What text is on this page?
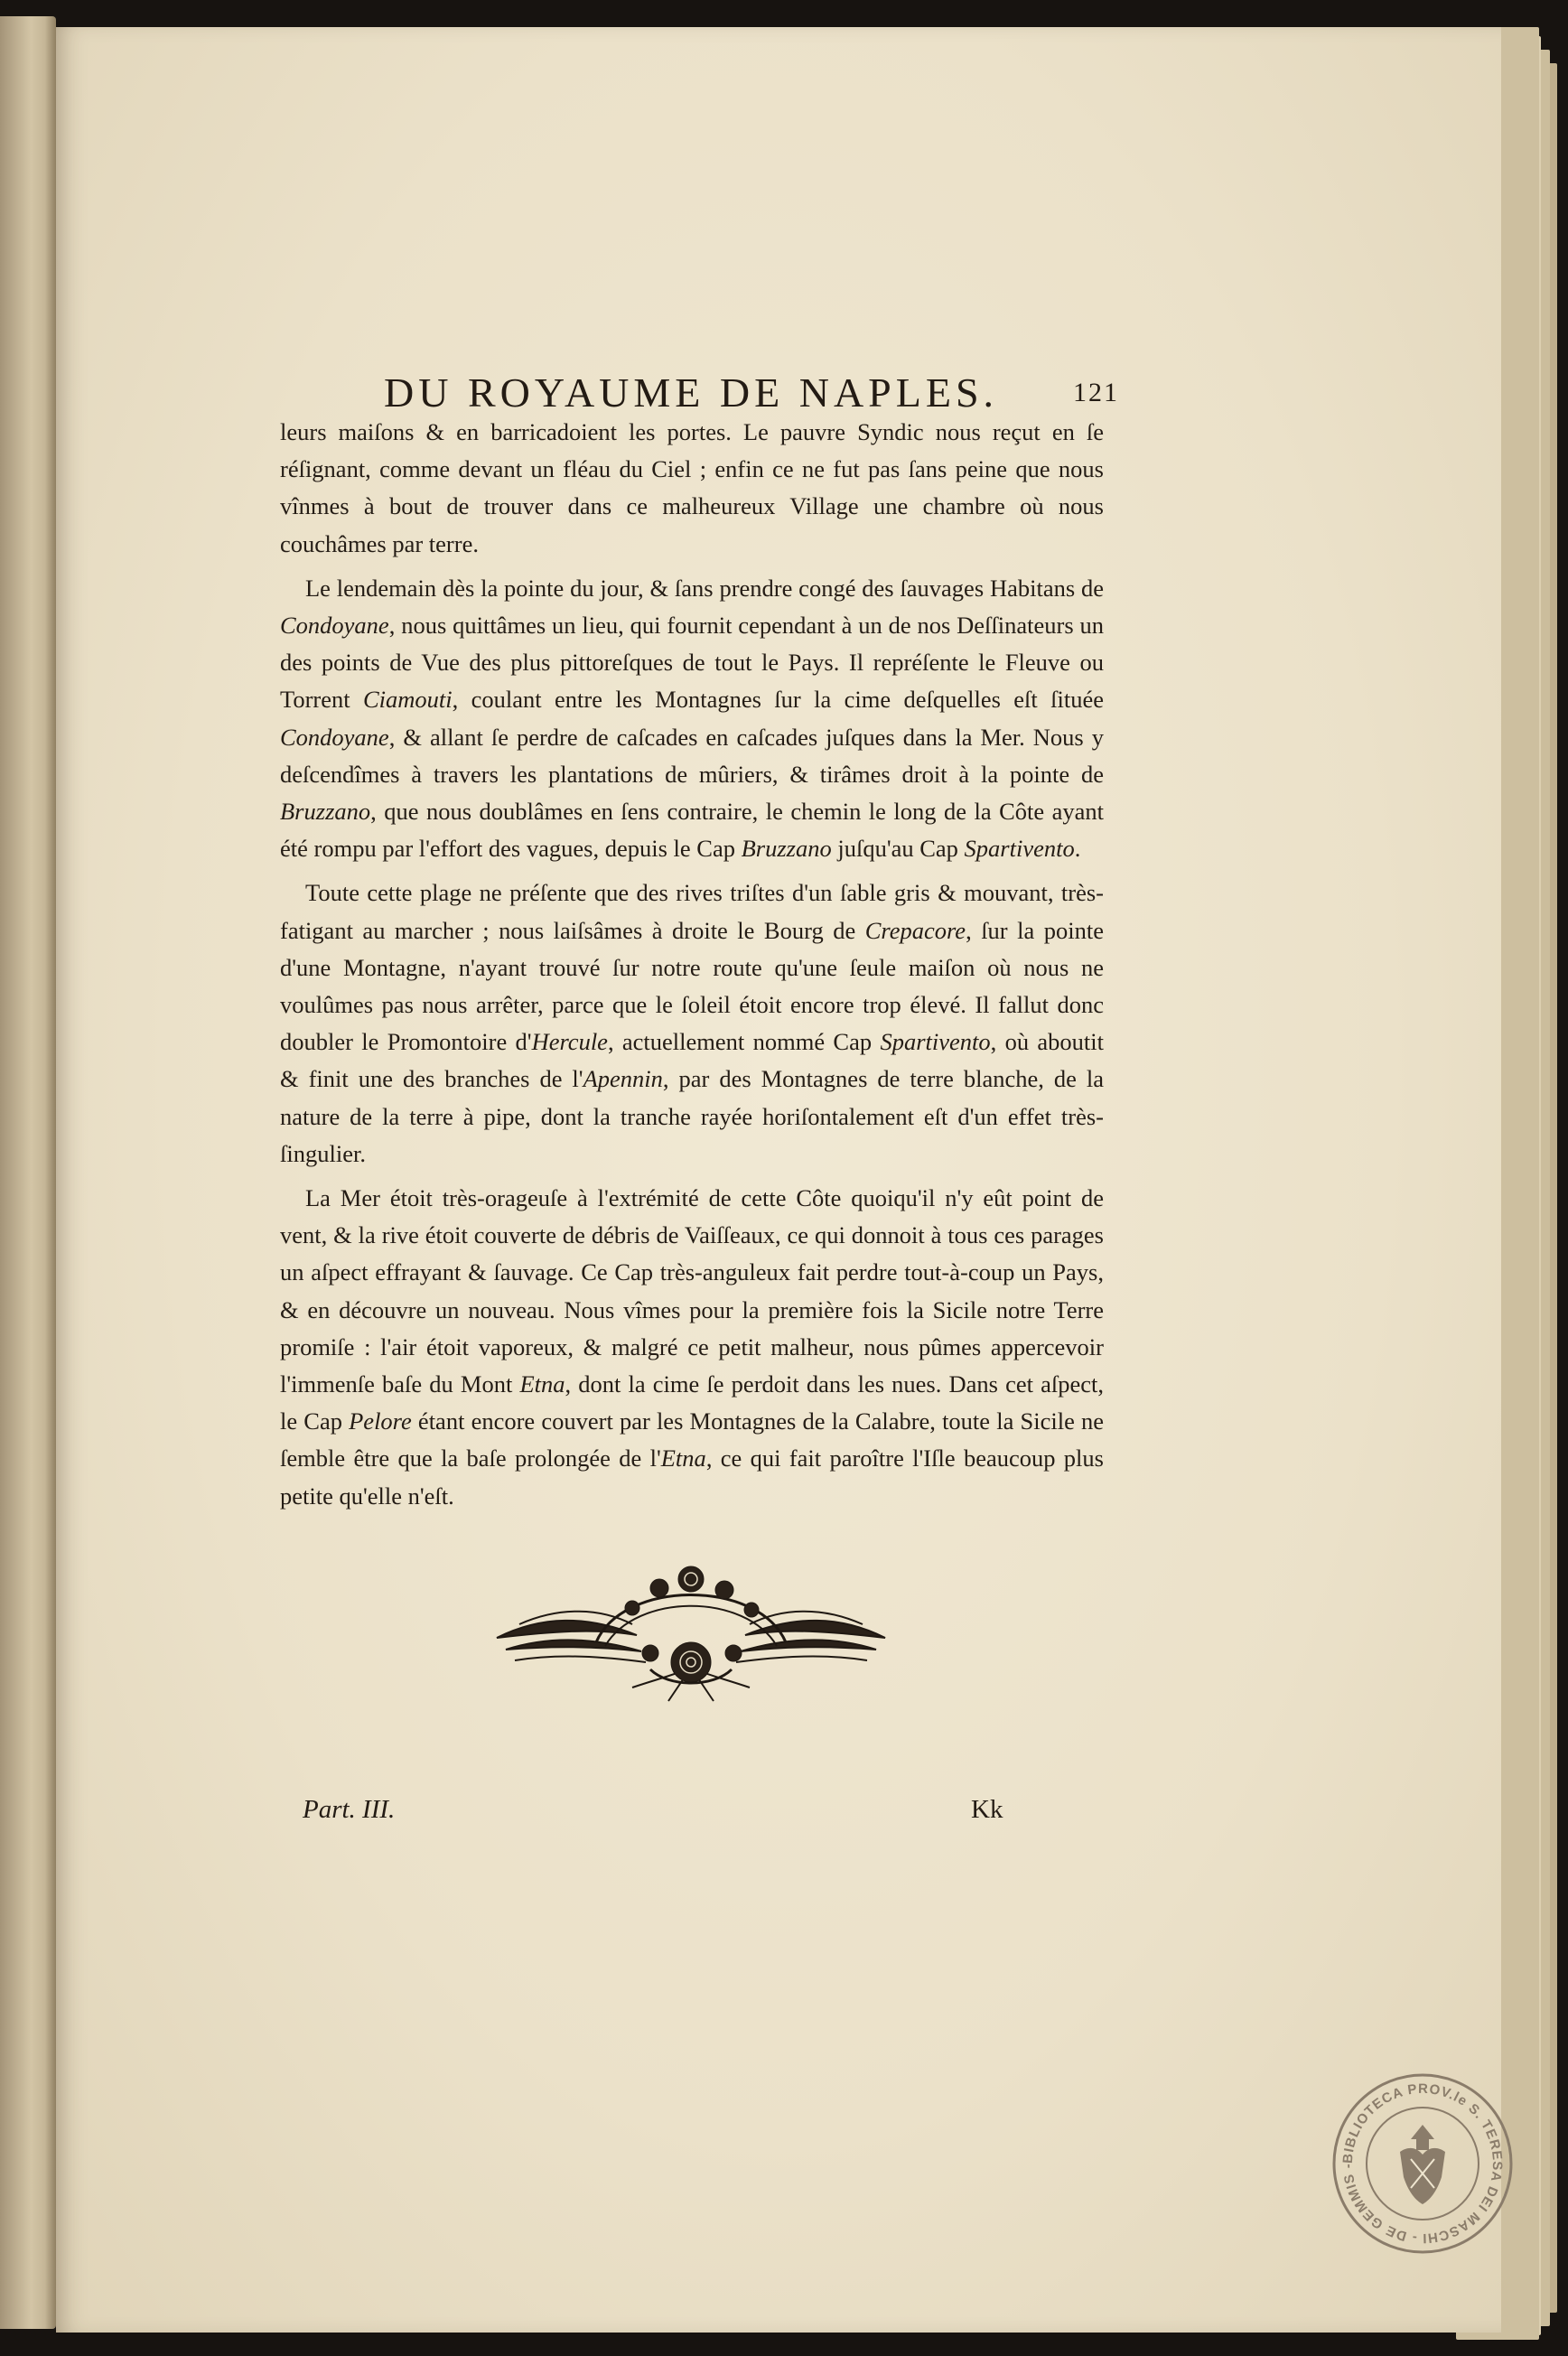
DU ROYAUME DE NAPLES.	121

leurs maiſons & en barricadoient les portes. Le pauvre Syndic nous reçut en ſe réſignant, comme devant un fléau du Ciel ; enfin ce ne fut pas ſans peine que nous vînmes à bout de trouver dans ce malheureux Village une chambre où nous couchâmes par terre.

Le lendemain dès la pointe du jour, & ſans prendre congé des ſauvages Habitans de Condoyane, nous quittâmes un lieu, qui fournit cependant à un de nos Deſſinateurs un des points de Vue des plus pittoreſques de tout le Pays. Il repréſente le Fleuve ou Torrent Ciamouti, coulant entre les Montagnes ſur la cime deſquelles eſt ſituée Condoyane, & allant ſe perdre de caſcades en caſcades juſques dans la Mer. Nous y deſcendîmes à travers les plantations de mûriers, & tirâmes droit à la pointe de Bruzzano, que nous doublâmes en ſens contraire, le chemin le long de la Côte ayant été rompu par l'effort des vagues, depuis le Cap Bruzzano juſqu'au Cap Spartivento.

Toute cette plage ne préſente que des rives triſtes d'un ſable gris & mouvant, très-fatigant au marcher ; nous laiſsâmes à droite le Bourg de Crepacore, ſur la pointe d'une Montagne, n'ayant trouvé ſur notre route qu'une ſeule maiſon où nous ne voulûmes pas nous arrêter, parce que le ſoleil étoit encore trop élevé. Il fallut donc doubler le Promontoire d'Hercule, actuellement nommé Cap Spartivento, où aboutit & finit une des branches de l'Apennin, par des Montagnes de terre blanche, de la nature de la terre à pipe, dont la tranche rayée horiſontalement eſt d'un effet très-ſingulier.

La Mer étoit très-orageuſe à l'extrémité de cette Côte quoiqu'il n'y eût point de vent, & la rive étoit couverte de débris de Vaiſſeaux, ce qui donnoit à tous ces parages un aſpect effrayant & ſauvage. Ce Cap très-anguleux fait perdre tout-à-coup un Pays, & en découvre un nouveau. Nous vîmes pour la première fois la Sicile notre Terre promiſe : l'air étoit vaporeux, & malgré ce petit malheur, nous pûmes appercevoir l'immenſe baſe du Mont Etna, dont la cime ſe perdoit dans les nues. Dans cet aſpect, le Cap Pelore étant encore couvert par les Montagnes de la Calabre, toute la Sicile ne ſemble être que la baſe prolongée de l'Etna, ce qui fait paroître l'Iſle beaucoup plus petite qu'elle n'eſt.

Part. III.	Kk
BIBLIOTECA PROV.le S. TERESA DEI MASCHI - DE GEMMIS -
